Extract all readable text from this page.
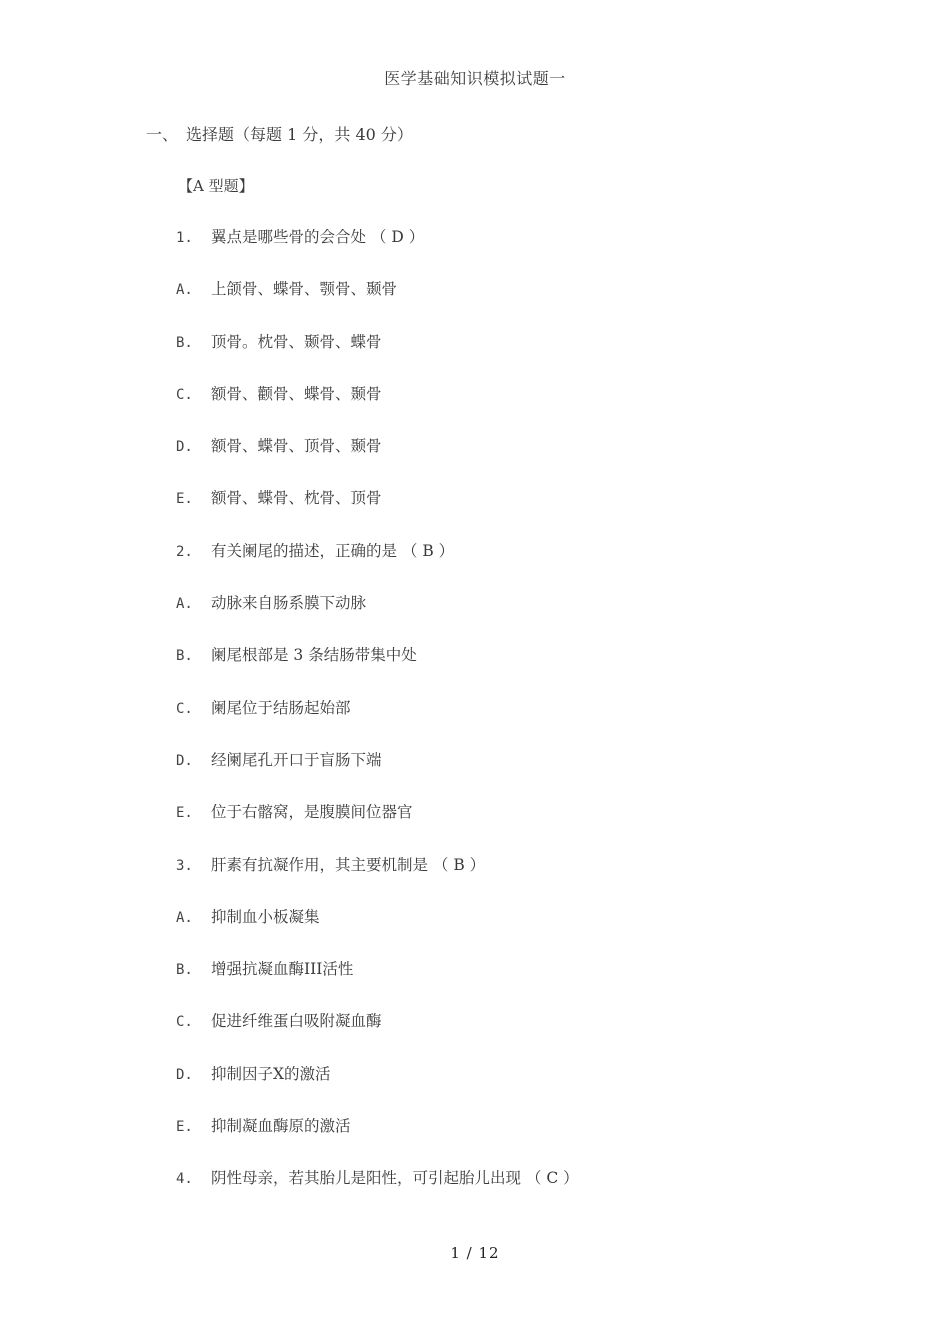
医学基础知识模拟试题一
一、 选择题（每题 1 分，共 40 分）
【A 型题】
1. 翼点是哪些骨的会合处 （ D ）
A. 上颌骨、蝶骨、颚骨、颞骨
B. 顶骨。枕骨、颞骨、蝶骨
C. 额骨、颧骨、蝶骨、颞骨
D. 额骨、蝶骨、顶骨、颞骨
E. 额骨、蝶骨、枕骨、顶骨
2. 有关阑尾的描述，正确的是 （ B ）
A. 动脉来自肠系膜下动脉
B. 阑尾根部是 3 条结肠带集中处
C. 阑尾位于结肠起始部
D. 经阑尾孔开口于盲肠下端
E. 位于右髂窝，是腹膜间位器官
3. 肝素有抗凝作用，其主要机制是 （ B ）
A. 抑制血小板凝集
B. 增强抗凝血酶III活性
C. 促进纤维蛋白吸附凝血酶
D. 抑制因子Ⅹ的激活
E. 抑制凝血酶原的激活
4. 阴性母亲，若其胎儿是阳性，可引起胎儿出现 （ C ）
1 / 12
